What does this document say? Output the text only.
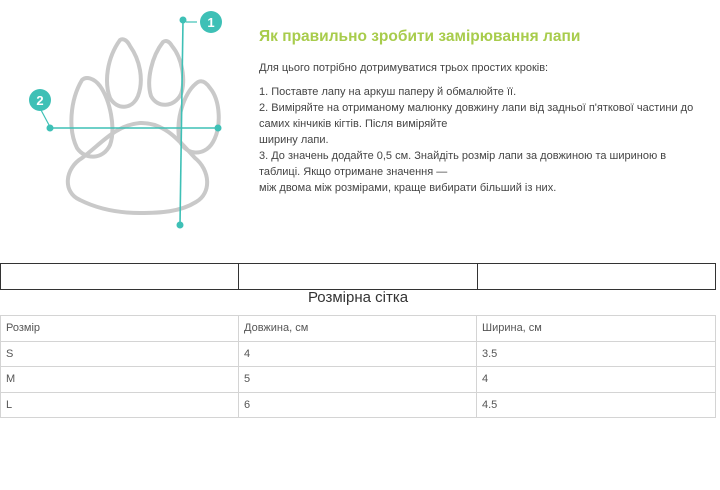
1
2
Як правильно зробити замірювання лапи

Для цього потрібно дотримуватися трьох простих кроків:

1. Поставте лапу на аркуш паперу й обмалюйте її.

2. Виміряйте на отриманому малюнку довжину лапи від задньої п'яткової частини до

самих кінчиків кігтів. Після виміряйте

ширину лапи.

3. До значень додайте 0,5 см. Знайдіть розмір лапи за довжиною та шириною в

таблиці. Якщо отримане значення —

між двома між розмірами, краще вибирати більший із них.

Розмірна сітка
Розмір	Довжина, см	Ширина, см
S	4	3.5
M	5	4
L	6	4.5
